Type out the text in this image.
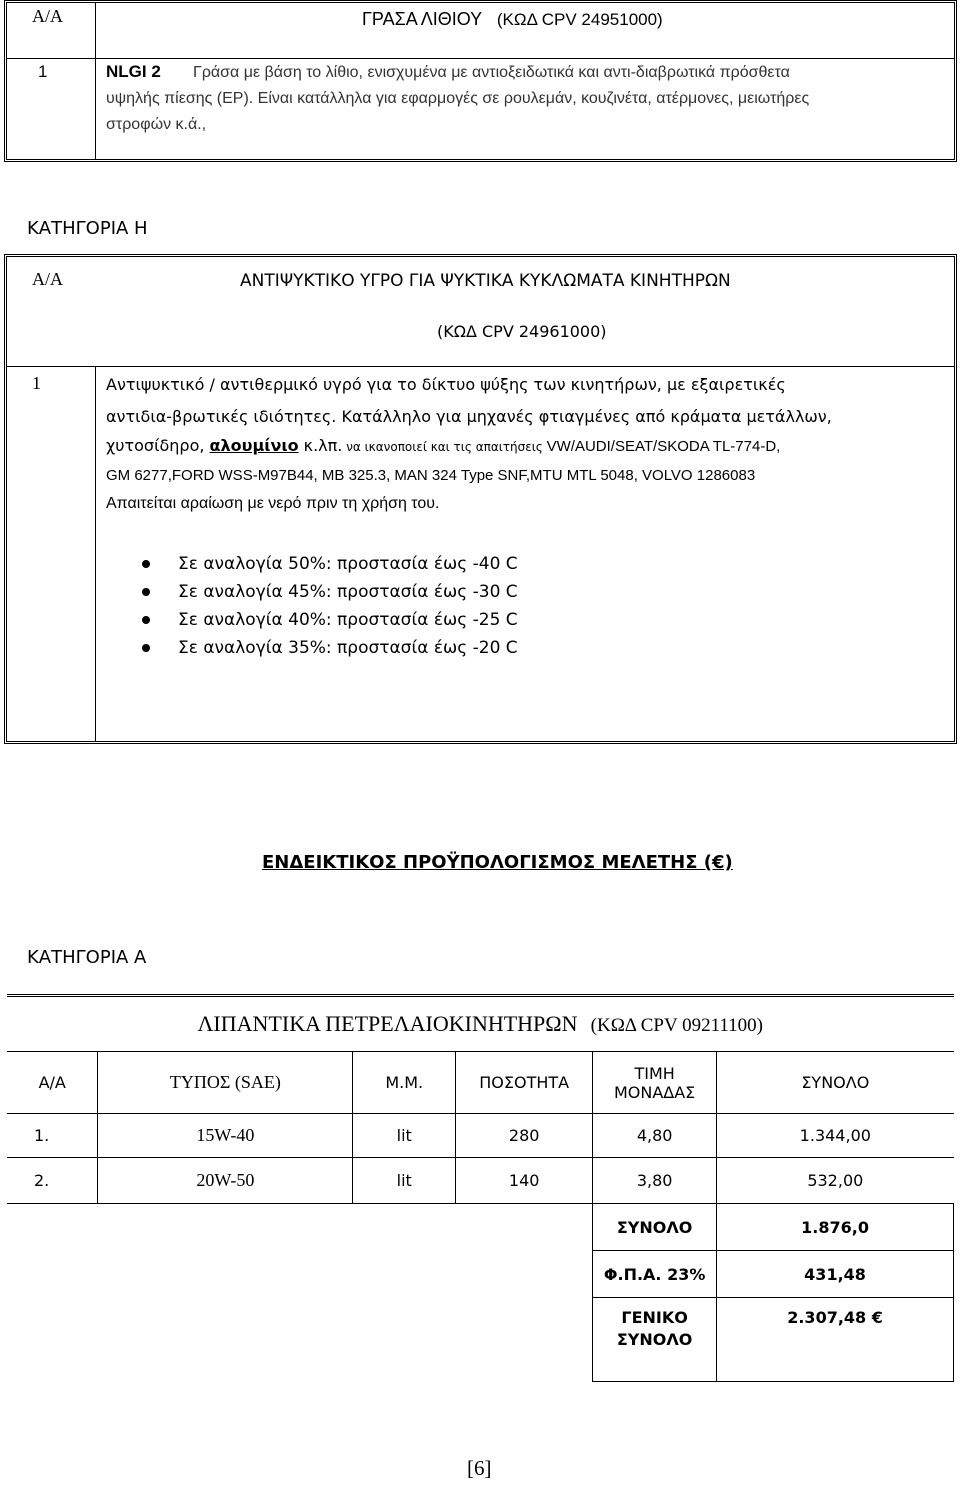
Α/Α	ΓΡΑΣΑ ΛΙΘΙΟΥ (ΚΩΔ CPV 24951000)
1	NLGI 2 Γράσα με βάση το λίθιο, ενισχυμένα με αντιοξειδωτικά και αντι-διαβρωτικά πρόσθετα
υψηλής πίεσης (EP). Είναι κατάλληλα για εφαρμογές σε ρουλεμάν, κουζινέτα, ατέρμονες, μειωτήρες
στροφών κ.ά.,
ΚΑΤΗΓΟΡΙΑ Η
Α/Α	ΑΝΤΙΨΥΚΤΙΚΟ ΥΓΡΟ ΓΙΑ ΨΥΚΤΙΚΑ ΚΥΚΛΩΜΑΤΑ ΚΙΝΗΤΗΡΩΝ
(ΚΩΔ CPV 24961000)
1	Αντιψυκτικό / αντιθερμικό υγρό για το δίκτυο ψύξης των κινητήρων, με εξαιρετικές
αντιδια-βρωτικές ιδιότητες. Κατάλληλο για μηχανές φτιαγμένες από κράματα μετάλλων,
χυτοσίδηρο, αλουμίνιο κ.λπ. να ικανοποιεί και τις απαιτήσεις VW/AUDI/SEAT/SKODA TL-774-D,
GM 6277,FORD WSS-M97B44, MB 325.3, MAN 324 Type SNF,MTU MTL 5048, VOLVO 1286083
Απαιτείται αραίωση με νερό πριν τη χρήση του.
Σε αναλογία 50%: προστασία έως -40 C
Σε αναλογία 45%: προστασία έως -30 C
Σε αναλογία 40%: προστασία έως -25 C
Σε αναλογία 35%: προστασία έως -20 C
ΕΝΔΕΙΚΤΙΚΟΣ ΠΡΟΫΠΟΛΟΓΙΣΜΟΣ ΜΕΛΕΤΗΣ (€)
ΚΑΤΗΓΟΡΙΑ Α
ΛΙΠΑΝΤΙΚΑ ΠΕΤΡΕΛΑΙΟΚΙΝΗΤΗΡΩΝ (ΚΩΔ CPV 09211100)					
Α/Α	ΤΥΠΟΣ (SAE)	Μ.Μ.	ΠΟΣΟΤΗΤΑ	ΤΙΜΗ
ΜΟΝΑΔΑΣ	ΣΥΝΟΛΟ
1.	15W-40	lit	280	4,80	1.344,00
2.	20W-50	lit	140	3,80	532,00
				ΣΥΝΟΛΟ	1.876,0
				Φ.Π.Α. 23%	431,48

				ΓΕΝΙΚΟ
ΣΥΝΟΛΟ	2.307,48 €
[6]
